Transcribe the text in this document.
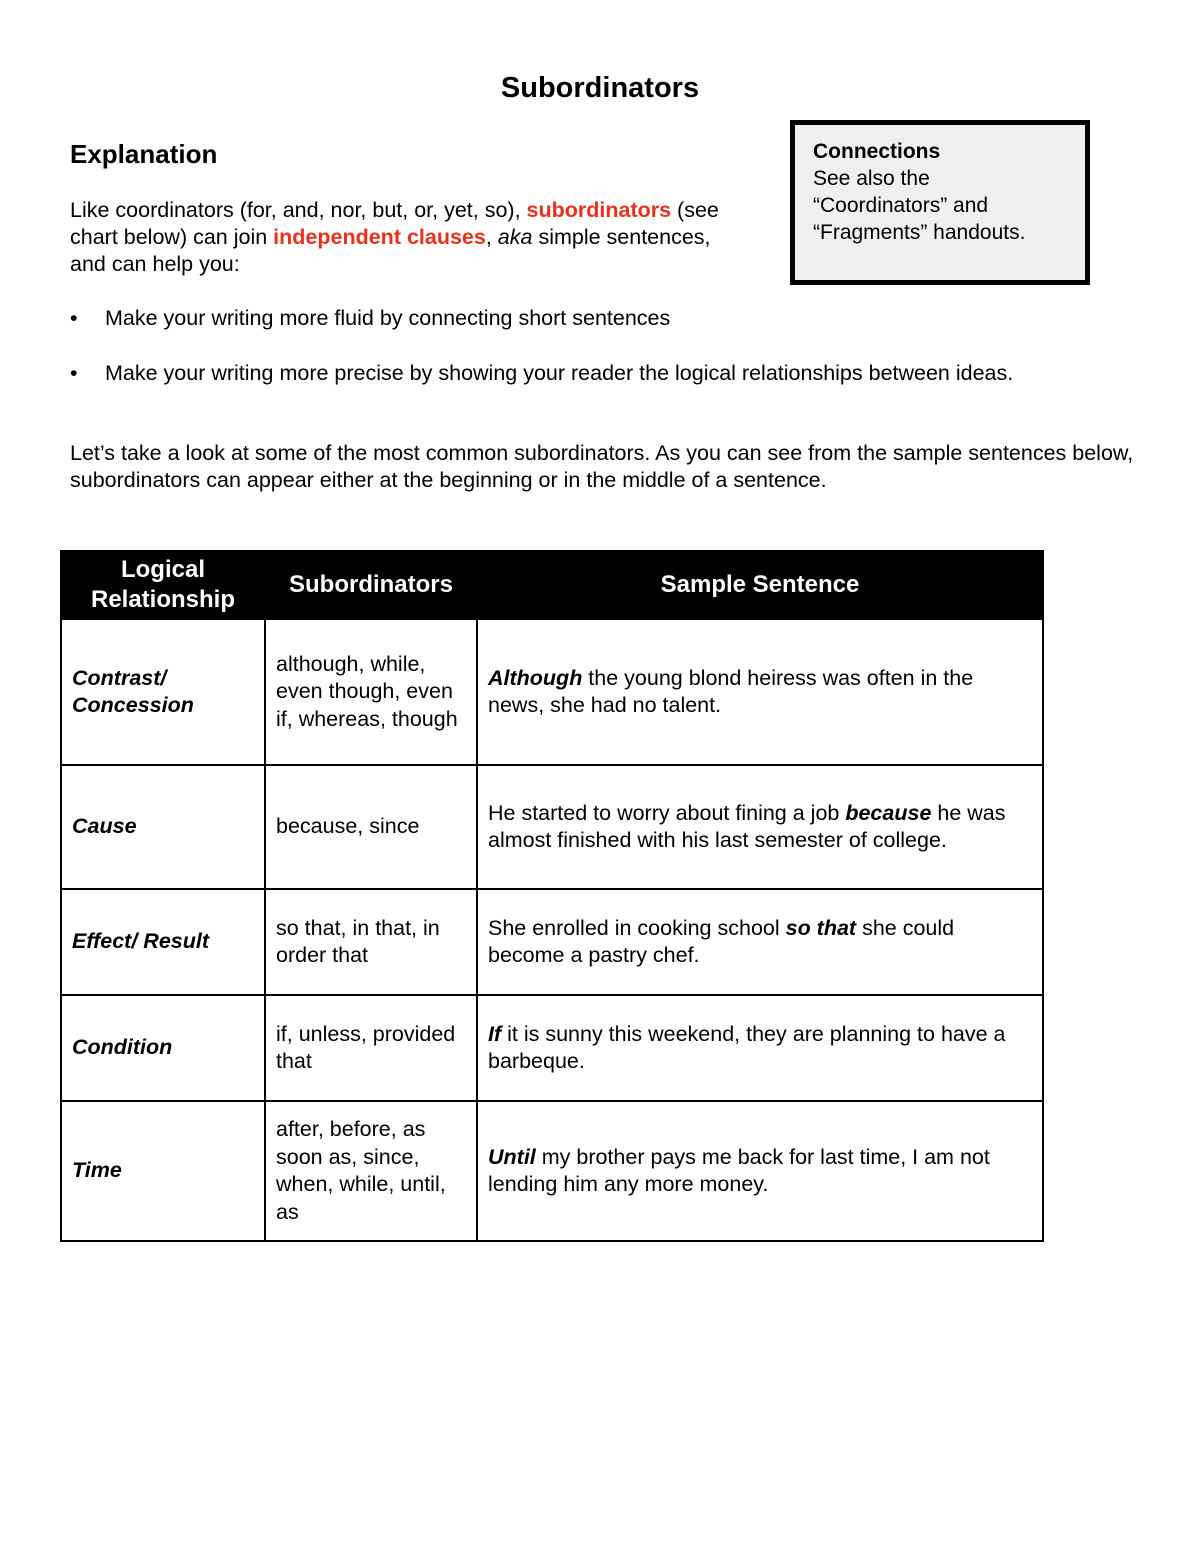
Subordinators
Explanation	Connections
See also the “Coordinators” and “Fragments” handouts.

Like coordinators (for, and, nor, but, or, yet, so), subordinators (see chart below) can join independent clauses, aka simple sentences, and can help you:

• Make your writing more fluid by connecting short sentences
• Make your writing more precise by showing your reader the logical relationships between ideas.

Let’s take a look at some of the most common subordinators. As you can see from the sample sentences below, subordinators can appear either at the beginning or in the middle of a sentence.

Logical Relationship	Subordinators	Sample Sentence
Contrast/ Concession	although, while, even though, even if, whereas, though	Although the young blond heiress was often in the news, she had no talent.
Cause	because, since	He started to worry about fining a job because he was almost finished with his last semester of college.
Effect/ Result	so that, in that, in order that	She enrolled in cooking school so that she could become a pastry chef.
Condition	if, unless, provided that	If it is sunny this weekend, they are planning to have a barbeque.
Time	after, before, as soon as, since, when, while, until, as	Until my brother pays me back for last time, I am not lending him any more money.
